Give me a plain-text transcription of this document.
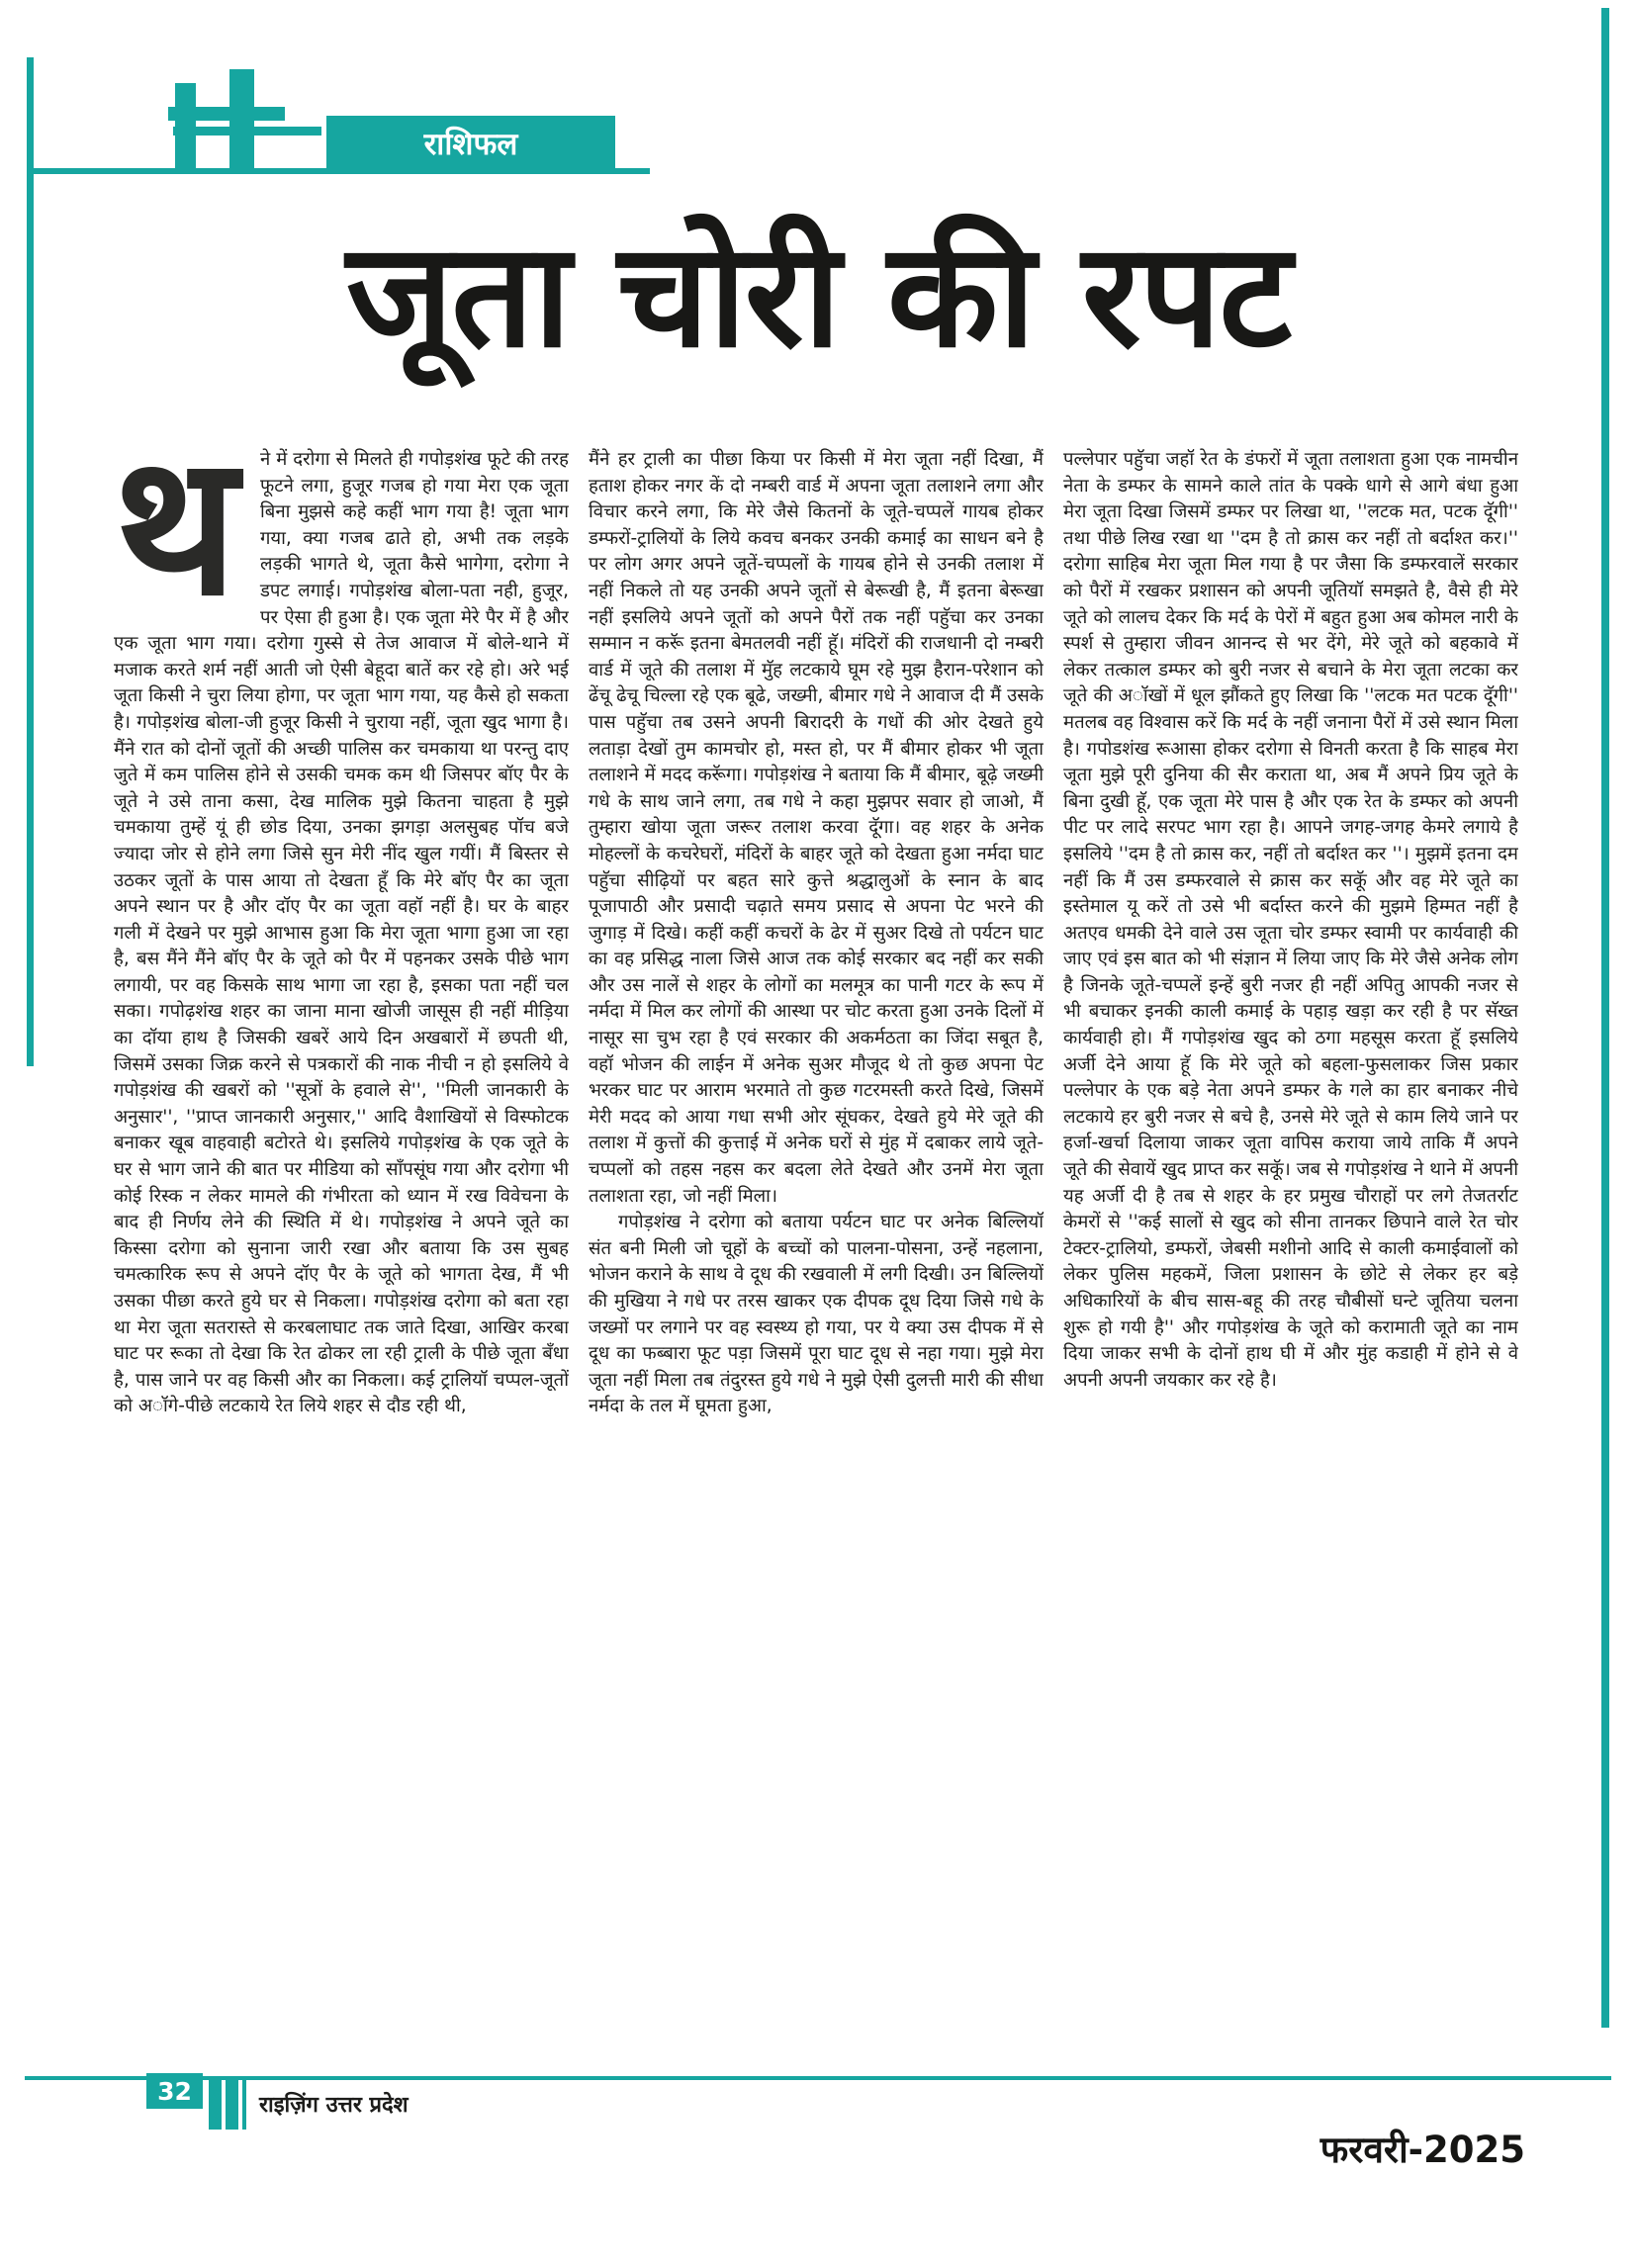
राशिफल
जूता चोरी की रपट

थ	ने में दरोगा से मिलते ही गपोड़शंख फूटे की तरह फूटने लगा, हुजूर गजब हो गया मेरा एक जूता बिना मुझसे कहे कहीं भाग गया है! जूता भाग गया, क्या गजब ढाते हो, अभी तक लड़के लड़की भागते थे, जूता कैसे भागेगा, दरोगा ने डपट लगाई। गपोड़शंख बोला-पता नही, हुजूर, पर ऐसा ही हुआ है। एक जूता मेरे पैर में है और एक जूता भाग गया। दरोगा गुस्से से तेज आवाज में बोले-थाने में मजाक करते शर्म नहीं आती जो ऐसी बेहूदा बातें कर रहे हो। अरे भई जूता किसी ने चुरा लिया होगा, पर जूता भाग गया, यह कैसे हो सकता है। गपोड़शंख बोला-जी हुजूर किसी ने चुराया नहीं, जूता खुद भागा है। मैंने रात को दोनों जूतों की अच्छी पालिस कर चमकाया था परन्तु दाए जुते में कम पालिस होने से उसकी चमक कम थी जिसपर बॉए पैर के जूते ने उसे ताना कसा, देख मालिक मुझे कितना चाहता है मुझे चमकाया तुम्हें यूं ही छोड दिया, उनका झगड़ा अलसुबह पॉच बजे ज्यादा जोर से होने लगा जिसे सुन मेरी नींद खुल गयीं। मैं बिस्तर से उठकर जूतों के पास आया तो देखता हूँ कि मेरे बॉए पैर का जूता अपने स्थान पर है और दॉए पैर का जूता वहॉ नहीं है। घर के बाहर गली में देखने पर मुझे आभास हुआ कि मेरा जूता भागा हुआ जा रहा है, बस मैंने मैंने बॉए पैर के जूते को पैर में पहनकर उसके पीछे भाग लगायी, पर वह किसके साथ भागा जा रहा है, इसका पता नहीं चल सका। गपोढ़शंख शहर का जाना माना खोजी जासूस ही नहीं मीड़िया का दॉया हाथ है जिसकी खबरें आये दिन अखबारों में छपती थी, जिसमें उसका जिक्र करने से पत्रकारों की नाक नीची न हो इसलिये वे गपोड़शंख की खबरों को ''सूत्रों के हवाले से'', ''मिली जानकारी के अनुसार'', ''प्राप्त जानकारी अनुसार,'' आदि वैशाखियों से विस्फोटक बनाकर खूब वाहवाही बटोरते थे। इसलिये गपोड़शंख के एक जूते के घर से भाग जाने की बात पर मीडिया को सॉंपसूंघ गया और दरोगा भी कोई रिस्क न लेकर मामले की गंभीरता को ध्यान में रख विवेचना के बाद ही निर्णय लेने की स्थिति में थे। गपोड़शंख ने अपने जूते का किस्सा दरोगा को सुनाना जारी रखा और बताया कि उस सुबह चमत्कारिक रूप से अपने दॉए पैर के जूते को भागता देख, मैं भी उसका पीछा करते हुये घर से निकला। गपोड़शंख दरोगा को बता रहा था मेरा जूता सतरास्ते से करबलाघाट तक जाते दिखा, आखिर करबा घाट पर रूका तो देखा कि रेत ढोकर ला रही ट्राली के पीछे जूता बँधा है, पास जाने पर वह किसी और का निकला। कई ट्रालियॉ चप्पल-जूतों को अॉगे-पीछे लटकाये रेत लिये शहर से दौड रही थी,

मैंने हर ट्राली का पीछा किया पर किसी में मेरा जूता नहीं दिखा, मैं हताश होकर नगर कें दो नम्बरी वार्ड में अपना जूता तलाशने लगा और विचार करने लगा, कि मेरे जैसे कितनों के जूते-चप्पलें गायब होकर डम्फरों-ट्रालियों के लिये कवच बनकर उनकी कमाई का साधन बने है पर लोग अगर अपने जूतें-चप्पलों के गायब होने से उनकी तलाश में नहीं निकले तो यह उनकी अपने जूतों से बेरूखी है, मैं इतना बेरूखा नहीं इसलिये अपने जूतों को अपने पैरों तक नहीं पहुॅचा कर उनका सम्मान न करूॅ इतना बेमतलवी नहीं हूॅ। मंदिरों की राजधानी दो नम्बरी वार्ड में जूते की तलाश में मुॅह लटकाये घूम रहे मुझ हैरान-परेशान को ढेंचू ढेचू चिल्ला रहे एक बूढे, जख्मी, बीमार गधे ने आवाज दी मैं उसके पास पहुॅचा तब उसने अपनी बिरादरी के गधों की ओर देखते हुये लताड़ा देखों तुम कामचोर हो, मस्त हो, पर मैं बीमार होकर भी जूता तलाशने में मदद करूॅगा। गपोड़शंख ने बताया कि मैं बीमार, बूढ़े जख्मी गधे के साथ जाने लगा, तब गधे ने कहा मुझपर सवार हो जाओ, मैं तुम्हारा खोया जूता जरूर तलाश करवा दूॅगा। वह शहर के अनेक मोहल्लों के कचरेघरों, मंदिरों के बाहर जूते को देखता हुआ नर्मदा घाट पहुॅचा सीढ़ियों पर बहत सारे कुत्ते श्रद्धालुओं के स्नान के बाद पूजापाठी और प्रसादी चढ़ाते समय प्रसाद से अपना पेट भरने की जुगाड़ में दिखे। कहीं कहीं कचरों के ढेर में सुअर दिखे तो पर्यटन घाट का वह प्रसिद्ध नाला जिसे आज तक कोई सरकार बद नहीं कर सकी और उस नालें से शहर के लोगों का मलमूत्र का पानी गटर के रूप में नर्मदा में मिल कर लोगों की आस्था पर चोट करता हुआ उनके दिलों में नासूर सा चुभ रहा है एवं सरकार की अकर्मठता का जिंदा सबूत है, वहॉ भोजन की लाईन में अनेक सुअर मौजूद थे तो कुछ अपना पेट भरकर घाट पर आराम भरमाते तो कुछ गटरमस्ती करते दिखे, जिसमें मेरी मदद को आया गधा सभी ओर सूंघकर, देखते हुये मेरे जूते की तलाश में कुत्तों की कुत्ताई में अनेक घरों से मुंह में दबाकर लाये जूते-चप्पलों को तहस नहस कर बदला लेते देखते और उनमें मेरा जूता तलाशता रहा, जो नहीं मिला।

गपोड़शंख ने दरोगा को बताया पर्यटन घाट पर अनेक बिल्लियॉ संत बनी मिली जो चूहों के बच्चों को पालना-पोसना, उन्हें नहलाना, भोजन कराने के साथ वे दूध की रखवाली में लगी दिखी। उन बिल्लियों की मुखिया ने गधे पर तरस खाकर एक दीपक दूध दिया जिसे गधे के जख्मों पर लगाने पर वह स्वस्थ्य हो गया, पर ये क्या उस दीपक में से दूध का फब्बारा फूट पड़ा जिसमें पूरा घाट दूध से नहा गया। मुझे मेरा जूता नहीं मिला तब तंदुरस्त हुये गधे ने मुझे ऐसी दुलत्ती मारी की सीधा नर्मदा के तल में घूमता हुआ,

पल्लेपार पहुॅचा जहॉ रेत के डंफरों में जूता तलाशता हुआ एक नामचीन नेता के डम्फर के सामने काले तांत के पक्के धागे से आगे बंधा हुआ मेरा जूता दिखा जिसमें डम्फर पर लिखा था, ''लटक मत, पटक दूॅगी'' तथा पीछे लिख रखा था ''दम है तो क्रास कर नहीं तो बर्दाश्त कर।'' दरोगा साहिब मेरा जूता मिल गया है पर जैसा कि डम्फरवालें सरकार को पैरों में रखकर प्रशासन को अपनी जूतियॉ समझते है, वैसे ही मेरे जूते को लालच देकर कि मर्द के पेरों में बहुत हुआ अब कोमल नारी के स्पर्श से तुम्हारा जीवन आनन्द से भर देंगे, मेरे जूते को बहकावे में लेकर तत्काल डम्फर को बुरी नजर से बचाने के मेरा जूता लटका कर जूते की अॉखों में धूल झौंकते हुए लिखा कि ''लटक मत पटक दूॅगी'' मतलब वह विश्वास करें कि मर्द के नहीं जनाना पैरों में उसे स्थान मिला है। गपोडशंख रूआसा होकर दरोगा से विनती करता है कि साहब मेरा जूता मुझे पूरी दुनिया की सैर कराता था, अब मैं अपने प्रिय जूते के बिना दुखी हूॅ, एक जूता मेरे पास है और एक रेत के डम्फर को अपनी पीट पर लादे सरपट भाग रहा है। आपने जगह-जगह केमरे लगाये है इसलिये ''दम है तो क्रास कर, नहीं तो बर्दाश्त कर ''। मुझमें इतना दम नहीं कि मैं उस डम्फरवाले से क्रास कर सकूॅ और वह मेरे जूते का इस्तेमाल यू करें तो उसे भी बर्दास्त करने की मुझमे हिम्मत नहीं है अतएव धमकी देने वाले उस जूता चोर डम्फर स्वामी पर कार्यवाही की जाए एवं इस बात को भी संज्ञान में लिया जाए कि मेरे जैसे अनेक लोग है जिनके जूते-चप्पलें इन्हें बुरी नजर ही नहीं अपितु आपकी नजर से भी बचाकर इनकी काली कमाई के पहाड़ खड़ा कर रही है पर सॅख्त कार्यवाही हो। मैं गपोड़शंख खुद को ठगा महसूस करता हूॅ इसलिये अर्जी देने आया हूॅ कि मेरे जूते को बहला-फुसलाकर जिस प्रकार पल्लेपार के एक बड़े नेता अपने डम्फर के गले का हार बनाकर नीचे लटकाये हर बुरी नजर से बचे है, उनसे मेरे जूते से काम लिये जाने पर हर्जा-खर्चा दिलाया जाकर जूता वापिस कराया जाये ताकि मैं अपने जूते की सेवायें खुद प्राप्त कर सकूॅ। जब से गपोड़शंख ने थाने में अपनी यह अर्जी दी है तब से शहर के हर प्रमुख चौराहों पर लगे तेजतर्राट केमरों से ''कई सालों से खुद को सीना तानकर छिपाने वाले रेत चोर टेक्टर-ट्रालियो, डम्फरों, जेबसी मशीनो आदि से काली कमाईवालों को लेकर पुलिस महकमें, जिला प्रशासन के छोटे से लेकर हर बड़े अधिकारियों के बीच सास-बहू की तरह चौबीसों घन्टे जूतिया चलना शुरू हो गयी है'' और गपोड़शंख के जूते को करामाती जूते का नाम दिया जाकर सभी के दोनों हाथ घी में और मुंह कडाही में होने से वे अपनी अपनी जयकार कर रहे है।

32	राइज़िंग उत्तर प्रदेश
फरवरी-2025
